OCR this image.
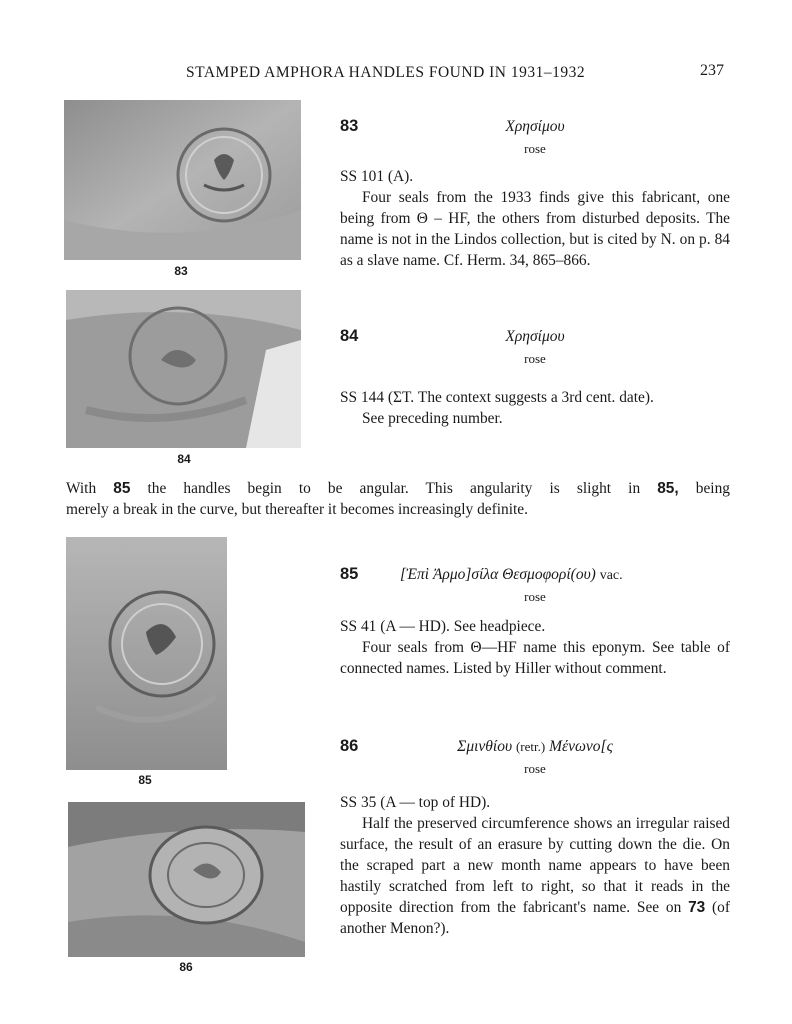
STAMPED AMPHORA HANDLES FOUND IN 1931–1932	237
83
84
85
86
83	Χρησίμου
rose

SS 101 (A).

Four seals from the 1933 finds give this fabricant, one being from Θ – HF, the others from disturbed deposits. The name is not in the Lindos collection, but is cited by N. on p. 84 as a slave name. Cf. Herm. 34, 865–866.

84	Χρησίμου
rose

SS 144 (ΣΤ. The context suggests a 3rd cent. date).

See preceding number.

With 85 the handles begin to be angular. This angularity is slight in 85, being
merely a break in the curve, but thereafter it becomes increasingly definite.
85	[Ἐπὶ Ἀρμο]σίλα Θεσμοφορί(ου) vac.
rose

SS 41 (A — HD). See headpiece.

Four seals from Θ—HF name this eponym. See table of connected names. Listed by Hiller without comment.

86	Σμινθίου (retr.) Μένωνο[ς
rose

SS 35 (A — top of HD).

Half the preserved circumference shows an irregular raised surface, the result of an erasure by cutting down the die. On the scraped part a new month name appears to have been hastily scratched from left to right, so that it reads in the opposite direction from the fabricant's name. See on 73 (of another Menon?).
